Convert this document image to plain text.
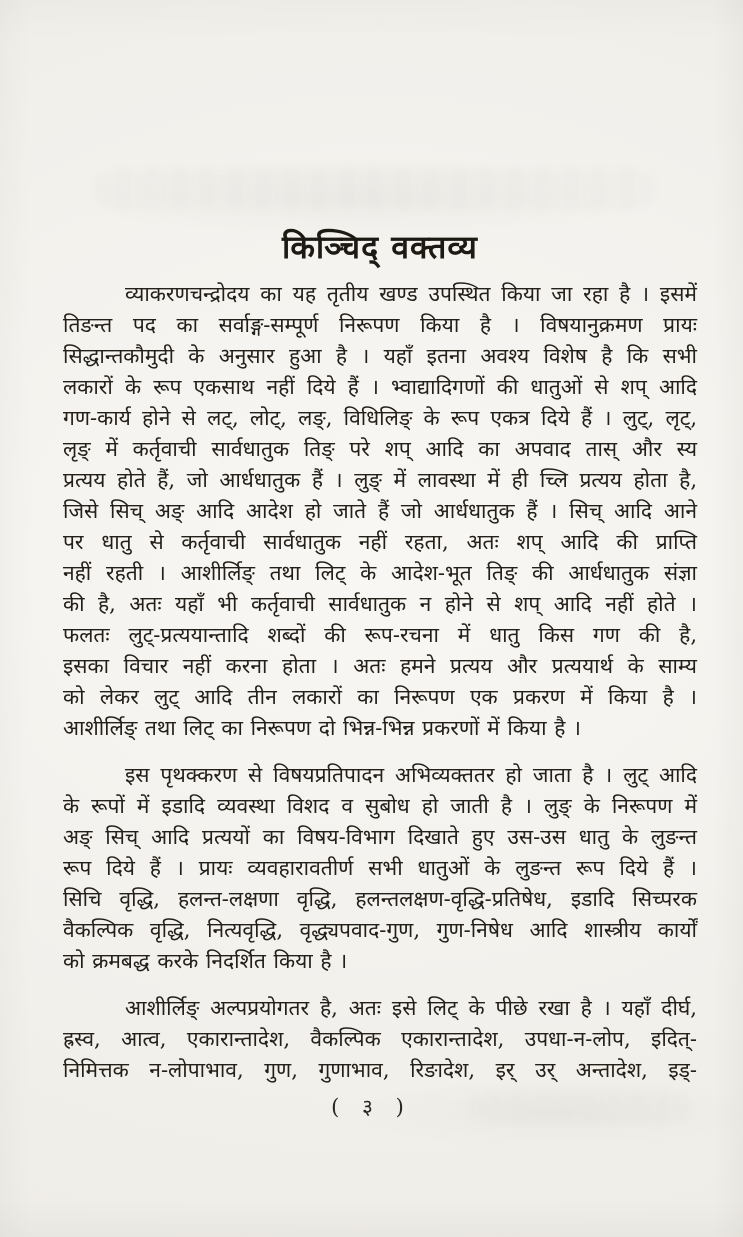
किञ्चिद् वक्तव्य

व्याकरणचन्द्रोदय का यह तृतीय खण्ड उपस्थित किया जा रहा है । इसमें
तिङन्त पद का सर्वाङ्ग-सम्पूर्ण निरूपण किया है । विषयानुक्रमण प्रायः
सिद्धान्तकौमुदी के अनुसार हुआ है । यहाँ इतना अवश्य विशेष है कि सभी
लकारों के रूप एकसाथ नहीं दिये हैं । भ्वाद्यादिगणों की धातुओं से शप् आदि
गण-कार्य होने से लट्, लोट्, लङ्, विधिलिङ् के रूप एकत्र दिये हैं । लुट्, लृट्,
लृङ् में कर्तृवाची सार्वधातुक तिङ् परे शप् आदि का अपवाद तास् और स्य
प्रत्यय होते हैं, जो आर्धधातुक हैं । लुङ् में लावस्था में ही च्लि प्रत्यय होता है,
जिसे सिच् अङ् आदि आदेश हो जाते हैं जो आर्धधातुक हैं । सिच् आदि आने
पर धातु से कर्तृवाची सार्वधातुक नहीं रहता, अतः शप् आदि की प्राप्ति
नहीं रहती । आशीर्लिङ् तथा लिट् के आदेश-भूत तिङ् की आर्धधातुक संज्ञा
की है, अतः यहाँ भी कर्तृवाची सार्वधातुक न होने से शप् आदि नहीं होते ।
फलतः लुट्-प्रत्ययान्तादि शब्दों की रूप-रचना में धातु किस गण की है,
इसका विचार नहीं करना होता । अतः हमने प्रत्यय और प्रत्ययार्थ के साम्य
को लेकर लुट् आदि तीन लकारों का निरूपण एक प्रकरण में किया है ।
आशीर्लिङ् तथा लिट् का निरूपण दो भिन्न-भिन्न प्रकरणों में किया है ।

इस पृथक्करण से विषयप्रतिपादन अभिव्यक्ततर हो जाता है । लुट् आदि
के रूपों में इडादि व्यवस्था विशद व सुबोध हो जाती है । लुङ् के निरूपण में
अङ् सिच् आदि प्रत्ययों का विषय-विभाग दिखाते हुए उस-उस धातु के लुङन्त
रूप दिये हैं । प्रायः व्यवहारावतीर्ण सभी धातुओं के लुङन्त रूप दिये हैं ।
सिचि वृद्धि, हलन्त-लक्षणा वृद्धि, हलन्तलक्षण-वृद्धि-प्रतिषेध, इडादि सिच्परक
वैकल्पिक वृद्धि, नित्यवृद्धि, वृद्ध्यपवाद-गुण, गुण-निषेध आदि शास्त्रीय कार्यों
को क्रमबद्ध करके निदर्शित किया है ।

आशीर्लिङ् अल्पप्रयोगतर है, अतः इसे लिट् के पीछे रखा है । यहाँ दीर्घ,
ह्रस्व, आत्व, एकारान्तादेश, वैकल्पिक एकारान्तादेश, उपधा-न-लोप, इदित्-
निमित्तक न-लोपाभाव, गुण, गुणाभाव, रिङादेश, इर् उर् अन्तादेश, इड्-

( ३ )
